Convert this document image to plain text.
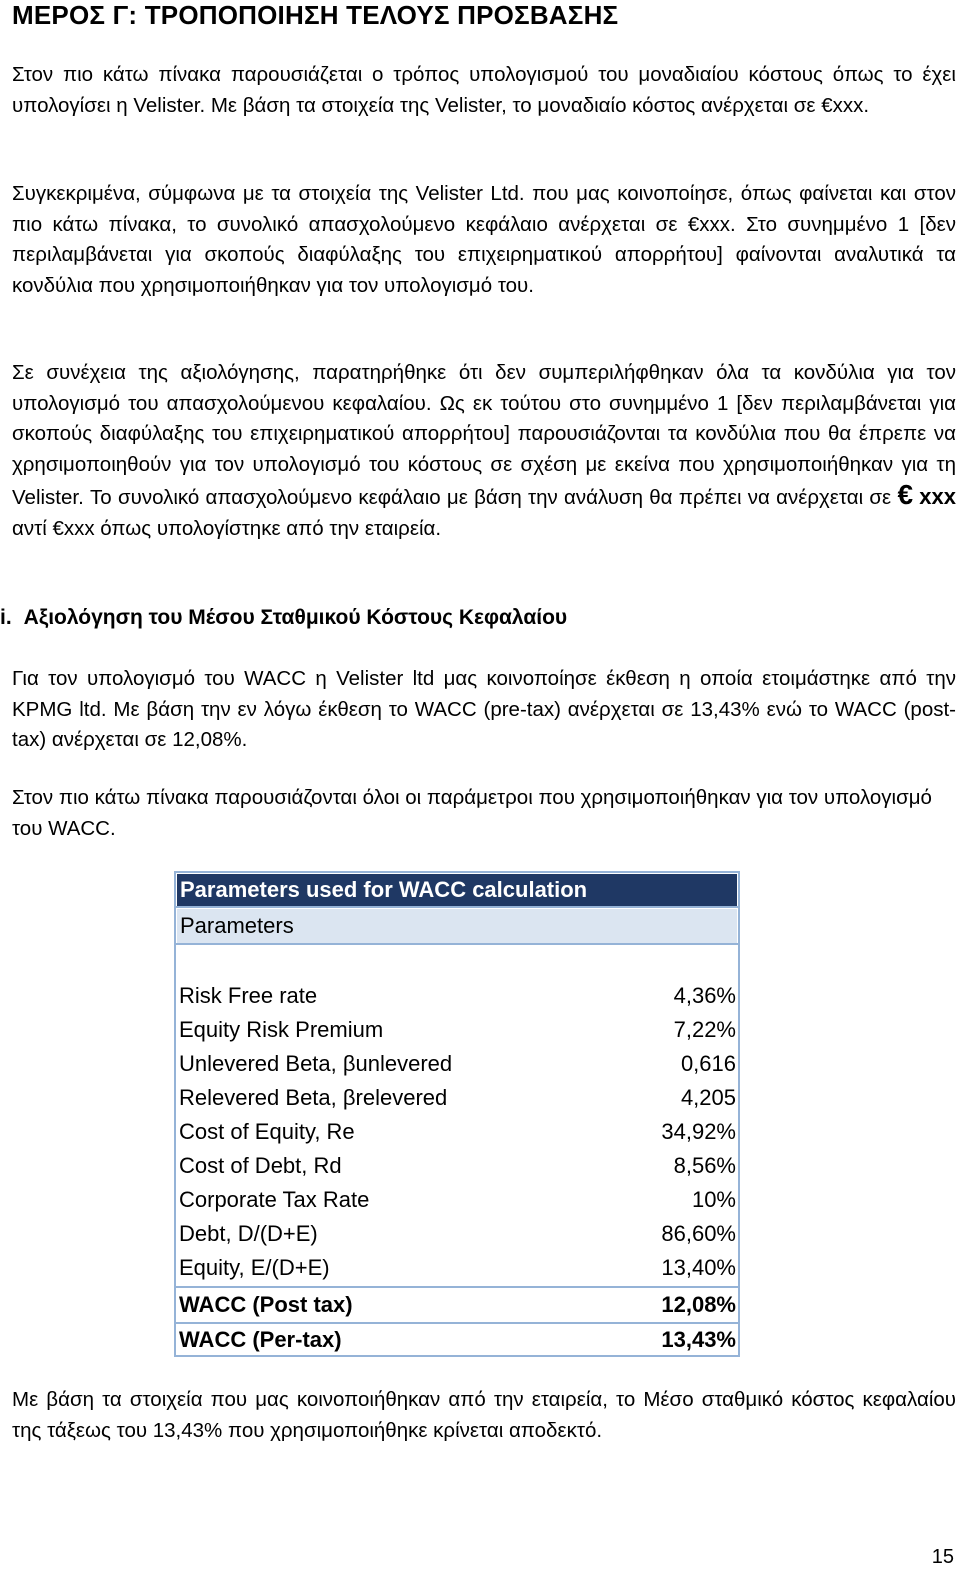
ΜΕΡΟΣ Γ: ΤΡΟΠΟΠΟΙΗΣΗ ΤΕΛΟΥΣ ΠΡΟΣΒΑΣΗΣ

Στον πιο κάτω πίνακα παρουσιάζεται ο τρόπος υπολογισμού του μοναδιαίου κόστους όπως το έχει υπολογίσει η Velister. Με βάση τα στοιχεία της Velister, το μοναδιαίο κόστος ανέρχεται σε €xxx.

Συγκεκριμένα, σύμφωνα με τα στοιχεία της Velister Ltd. που μας κοινοποίησε, όπως φαίνεται και στον πιο κάτω πίνακα, το συνολικό απασχολούμενο κεφάλαιο ανέρχεται σε €xxx. Στο συνημμένο 1 [δεν περιλαμβάνεται για σκοπούς διαφύλαξης του επιχειρηματικού απορρήτου] φαίνονται αναλυτικά τα κονδύλια που χρησιμοποιήθηκαν για τον υπολογισμό του.

Σε συνέχεια της αξιολόγησης, παρατηρήθηκε ότι δεν συμπεριλήφθηκαν όλα τα κονδύλια για τον υπολογισμό του απασχολούμενου κεφαλαίου. Ως εκ τούτου στο συνημμένο 1 [δεν περιλαμβάνεται για σκοπούς διαφύλαξης του επιχειρηματικού απορρήτου] παρουσιάζονται τα κονδύλια που θα έπρεπε να χρησιμοποιηθούν για τον υπολογισμό του κόστους σε σχέση με εκείνα που χρησιμοποιήθηκαν για τη Velister. Το συνολικό απασχολούμενο κεφάλαιο με βάση την ανάλυση θα πρέπει να ανέρχεται σε € xxx αντί €xxx όπως υπολογίστηκε από την εταιρεία.

i. Αξιολόγηση του Μέσου Σταθμικού Κόστους Κεφαλαίου

Για τον υπολογισμό του WACC η Velister ltd μας κοινοποίησε έκθεση η οποία ετοιμάστηκε από την KPMG ltd. Με βάση την εν λόγω έκθεση το WACC (pre-tax) ανέρχεται σε 13,43% ενώ το WACC (post-tax) ανέρχεται σε 12,08%.

Στον πιο κάτω πίνακα παρουσιάζονται όλοι οι παράμετροι που χρησιμοποιήθηκαν για τον υπολογισμό του WACC.

Parameters used for WACC calculation
Parameters
Risk Free rate	4,36%
Equity Risk Premium	7,22%
Unlevered Beta, βunlevered	0,616
Relevered Beta, βrelevered	4,205
Cost of Equity, Re	34,92%
Cost of Debt, Rd	8,56%
Corporate Tax Rate	10%
Debt, D/(D+E)	86,60%
Equity, E/(D+E)	13,40%
WACC (Post tax)	12,08%
WACC (Per-tax)	13,43%

Με βάση τα στοιχεία που μας κοινοποιήθηκαν από την εταιρεία, το Μέσο σταθμικό κόστος κεφαλαίου της τάξεως του 13,43% που χρησιμοποιήθηκε κρίνεται αποδεκτό.

15
